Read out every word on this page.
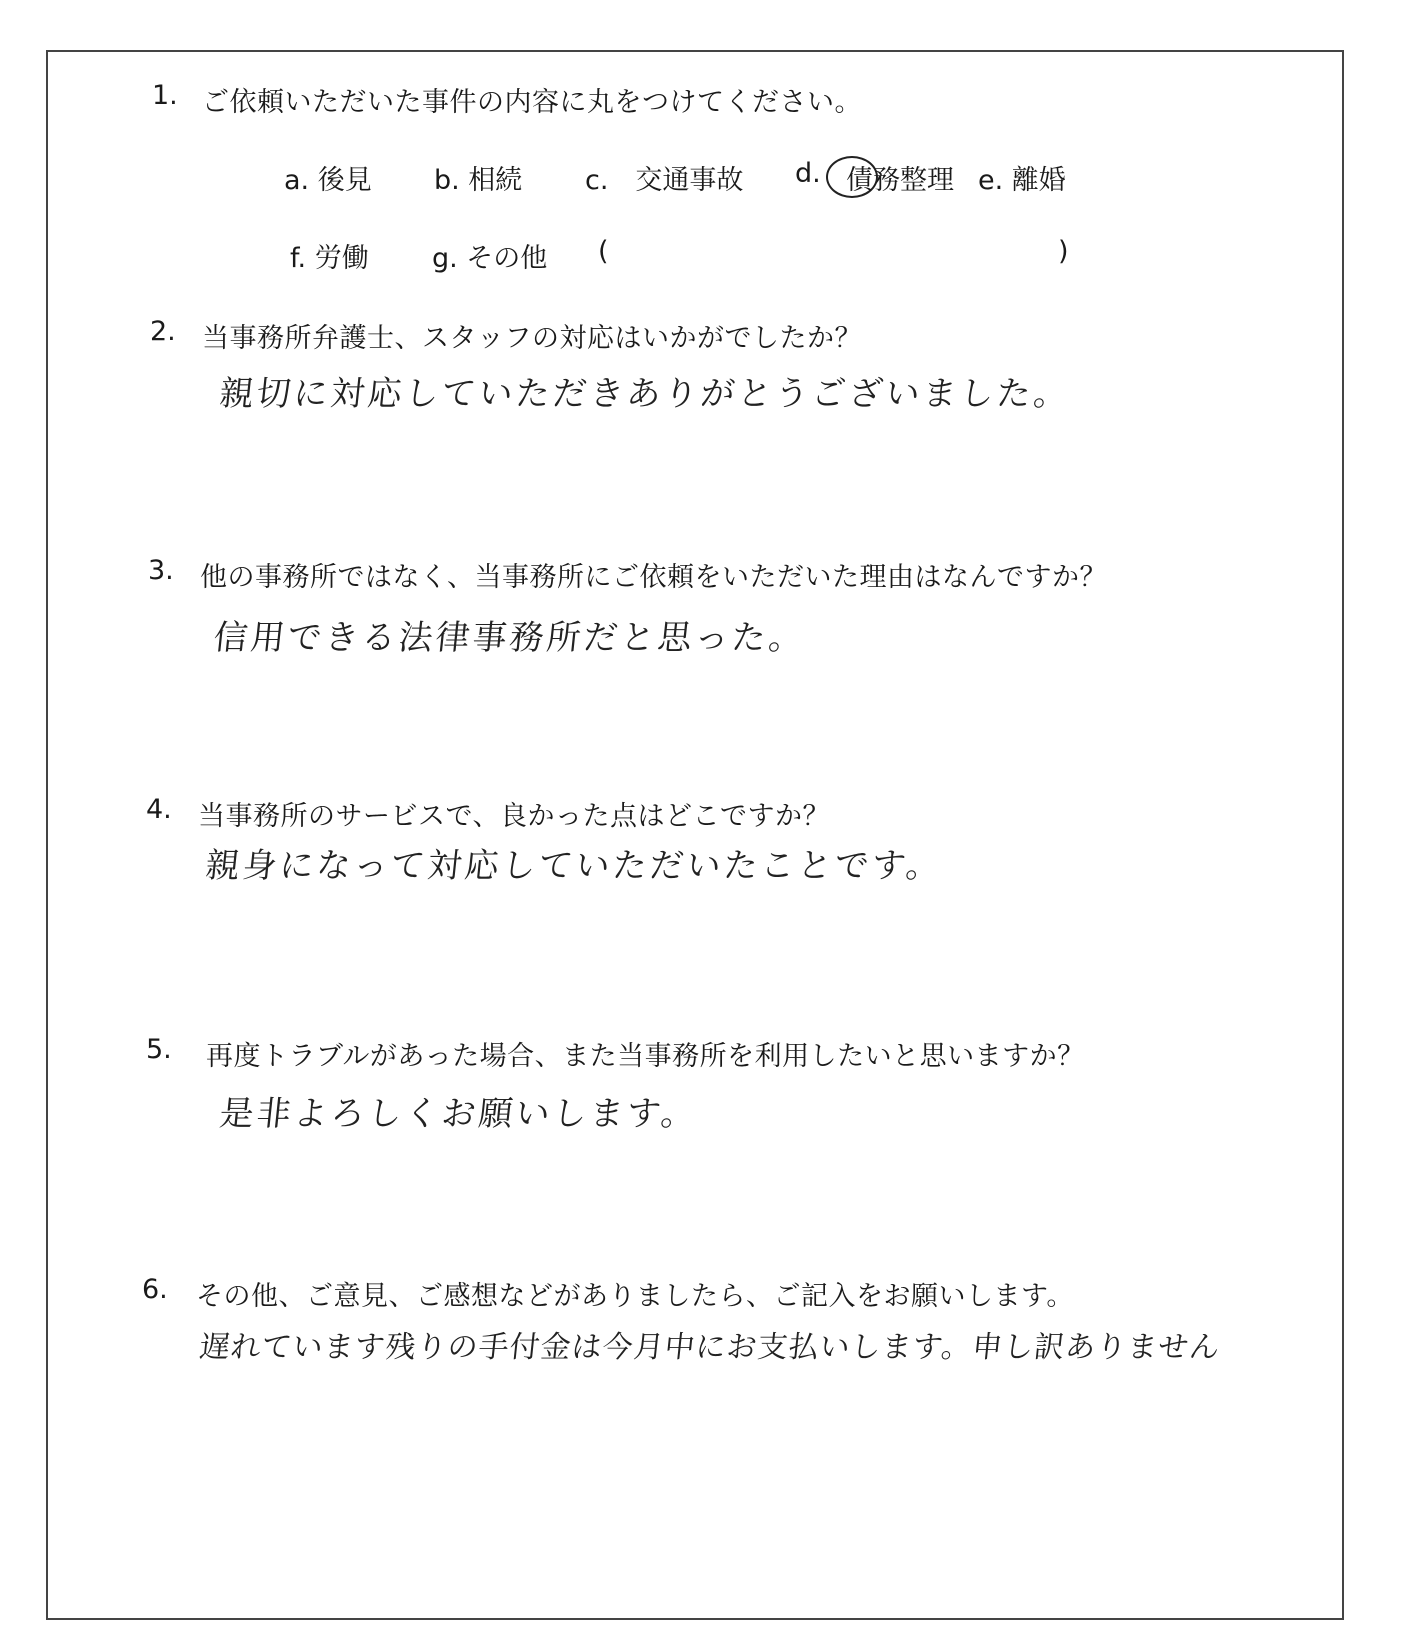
1. ご依頼いただいた事件の内容に丸をつけてください。
a. 後見 b. 相続 c.　交通事故 d. 債務整理 e. 離婚
f. 労働 g. その他 (	)
2. 当事務所弁護士、スタッフの対応はいかがでしたか？
親切に対応していただきありがとうございました。
3. 他の事務所ではなく、当事務所にご依頼をいただいた理由はなんですか？
信用できる法律事務所だと思った。
4. 当事務所のサービスで、良かった点はどこですか？
親身になって対応していただいたことです。
5. 再度トラブルがあった場合、また当事務所を利用したいと思いますか？
是非よろしくお願いします。
6. その他、ご意見、ご感想などがありましたら、ご記入をお願いします。
遅れています残りの手付金は今月中にお支払いします。申し訳ありません
